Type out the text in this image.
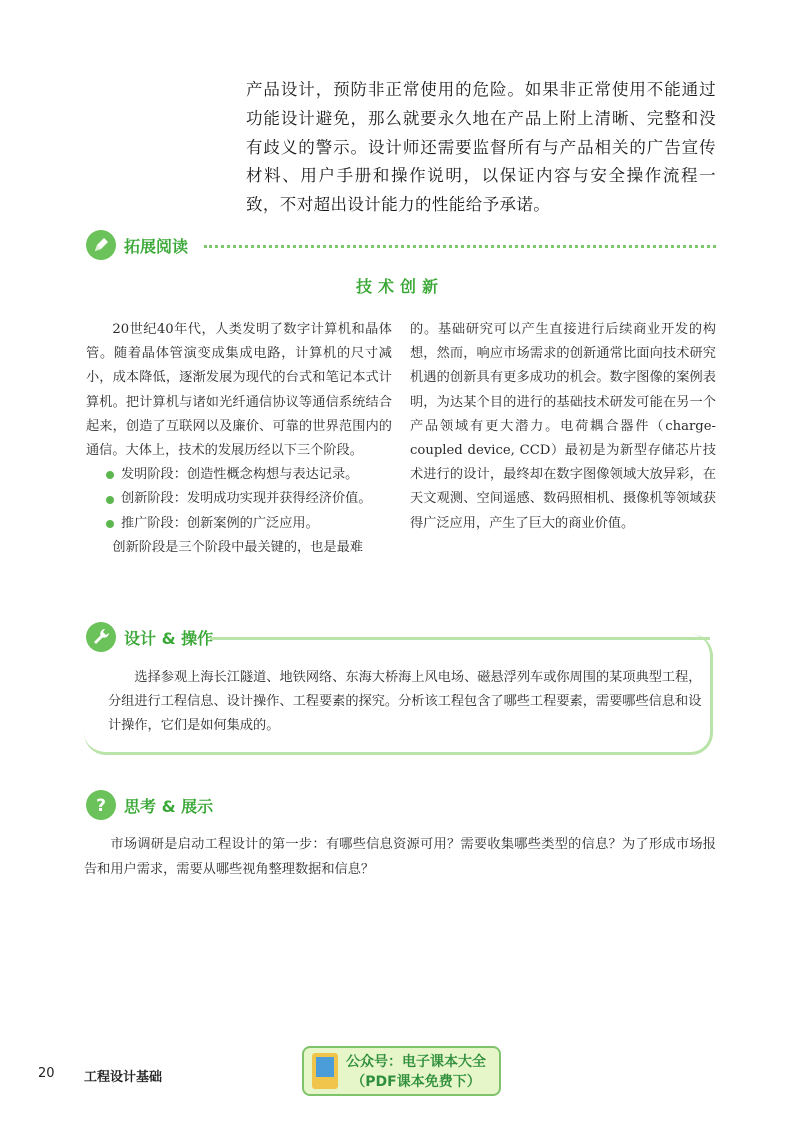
产品设计，预防非正常使用的危险。如果非正常使用不能通过功能设计避免，那么就要永久地在产品上附上清晰、完整和没有歧义的警示。设计师还需要监督所有与产品相关的广告宣传材料、用户手册和操作说明，以保证内容与安全操作流程一致，不对超出设计能力的性能给予承诺。
拓展阅读
技术创新

20世纪40年代，人类发明了数字计算机和晶体管。随着晶体管演变成集成电路，计算机的尺寸减小，成本降低，逐渐发展为现代的台式和笔记本式计算机。把计算机与诸如光纤通信协议等通信系统结合起来，创造了互联网以及廉价、可靠的世界范围内的通信。大体上，技术的发展历经以下三个阶段。

发明阶段：创造性概念构想与表达记录。
创新阶段：发明成功实现并获得经济价值。
推广阶段：创新案例的广泛应用。

创新阶段是三个阶段中最关键的，也是最难

的。基础研究可以产生直接进行后续商业开发的构想，然而，响应市场需求的创新通常比面向技术研究机遇的创新具有更多成功的机会。数字图像的案例表明，为达某个目的进行的基础技术研发可能在另一个产品领域有更大潜力。电荷耦合器件（charge-coupled device, CCD）最初是为新型存储芯片技术进行的设计，最终却在数字图像领域大放异彩，在天文观测、空间遥感、数码照相机、摄像机等领域获得广泛应用，产生了巨大的商业价值。

设计 & 操作
选择参观上海长江隧道、地铁网络、东海大桥海上风电场、磁悬浮列车或你周围的某项典型工程，分组进行工程信息、设计操作、工程要素的探究。分析该工程包含了哪些工程要素，需要哪些信息和设计操作，它们是如何集成的。
? 思考 & 展示
市场调研是启动工程设计的第一步：有哪些信息资源可用？需要收集哪些类型的信息？为了形成市场报告和用户需求，需要从哪些视角整理数据和信息？
20 工程设计基础
公众号：电子课本大全
（PDF课本免费下）
